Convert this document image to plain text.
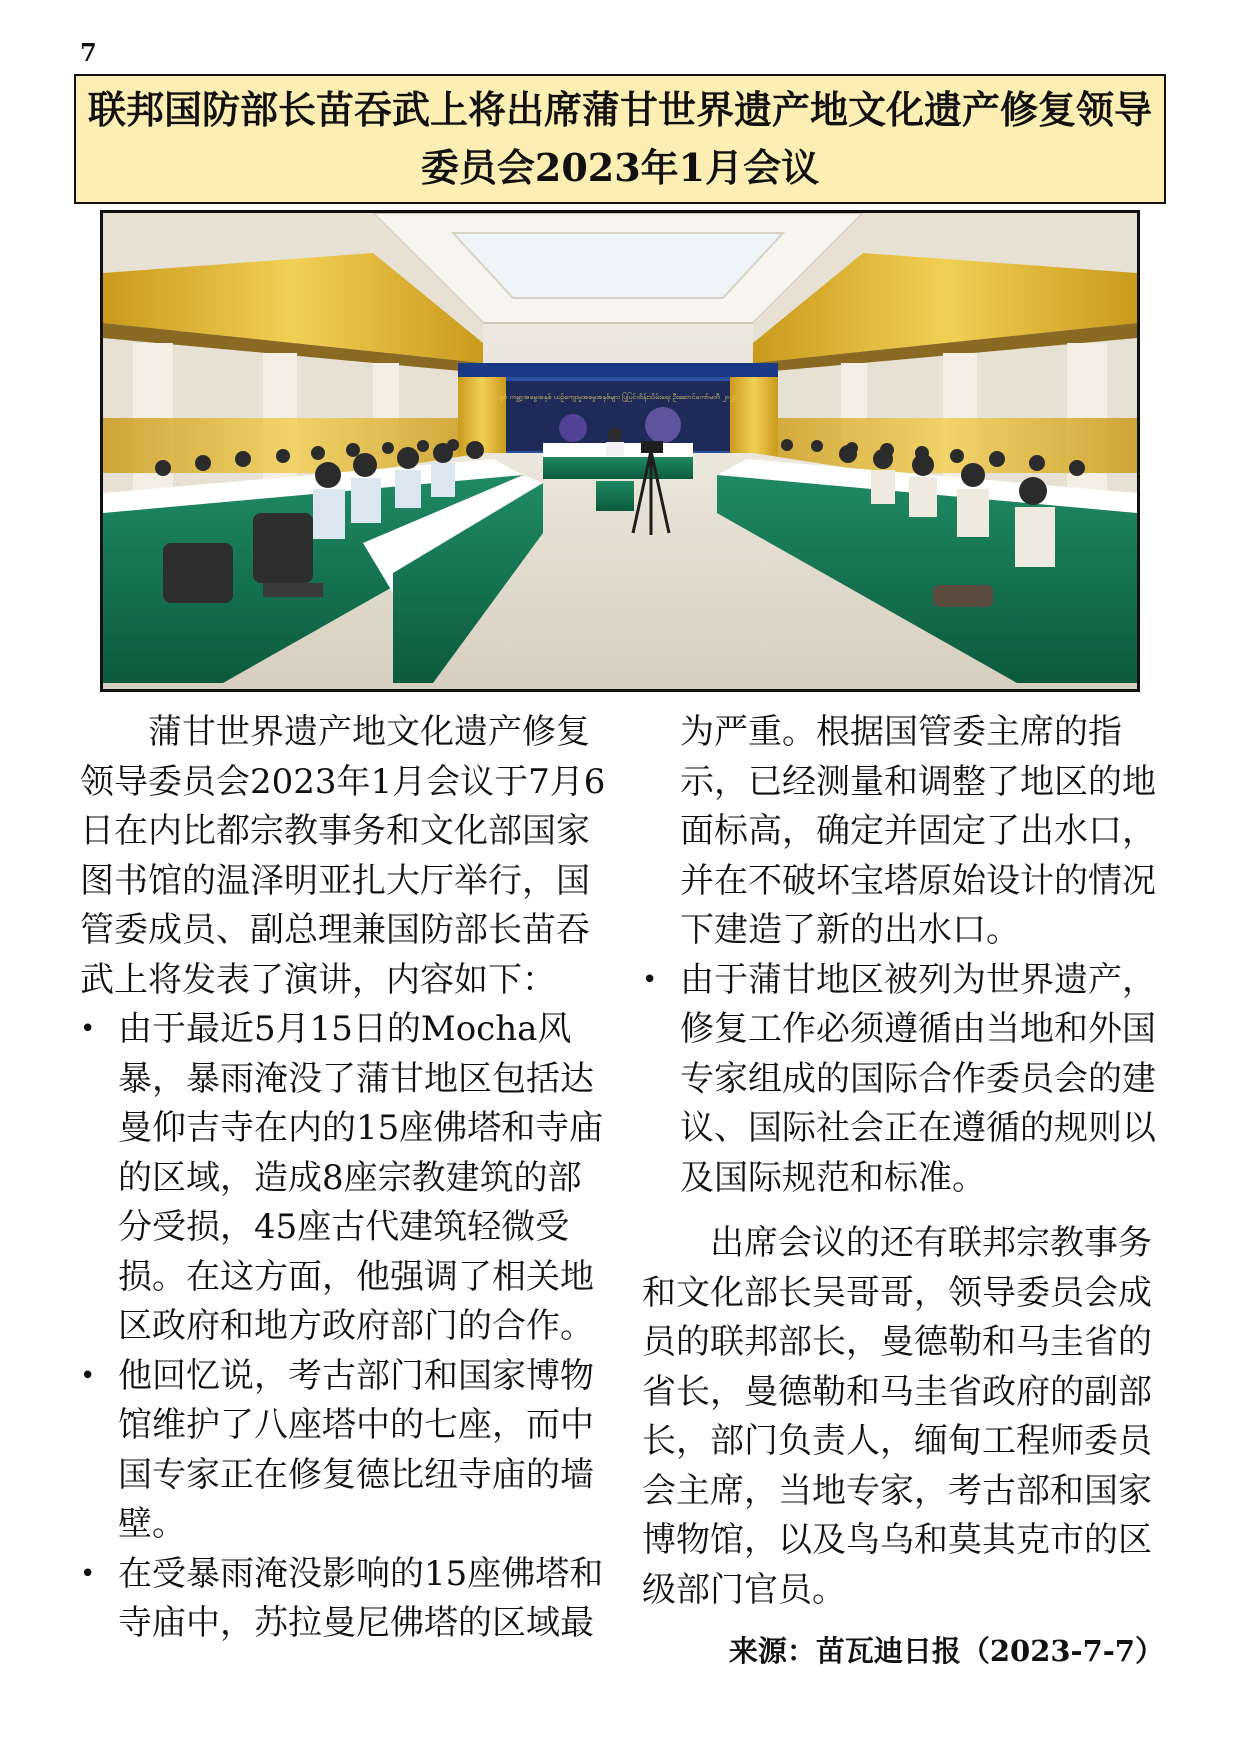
7
联邦国防部长苗吞武上将出席蒲甘世界遗产地文化遗产修复领导
委员会2023年1月会议
ပုဂံ ကမ္ဘာ့အမွေအနှစ် ယဉ်ကျေးမှုအမွေအနှစ်များ ပြုပြင်ထိန်းသိမ်းရေး ဦးဆောင်ကော်မတီ ၂၀၂၃

蒲甘世界遗产地文化遗产修复领导委员会2023年1月会议于7月6日在内比都宗教事务和文化部国家图书馆的温泽明亚扎大厅举行，国管委成员、副总理兼国防部长苗吞武上将发表了演讲，内容如下：

• 由于最近5月15日的Mocha风暴，暴雨淹没了蒲甘地区包括达曼仰吉寺在内的15座佛塔和寺庙的区域，造成8座宗教建筑的部分受损，45座古代建筑轻微受损。在这方面，他强调了相关地区政府和地方政府部门的合作。

• 他回忆说，考古部门和国家博物馆维护了八座塔中的七座，而中国专家正在修复德比纽寺庙的墙壁。

• 在受暴雨淹没影响的15座佛塔和寺庙中，苏拉曼尼佛塔的区域最

为严重。根据国管委主席的指示，已经测量和调整了地区的地面标高，确定并固定了出水口，并在不破坏宝塔原始设计的情况下建造了新的出水口。

• 由于蒲甘地区被列为世界遗产，修复工作必须遵循由当地和外国专家组成的国际合作委员会的建议、国际社会正在遵循的规则以及国际规范和标准。

出席会议的还有联邦宗教事务和文化部长吴哥哥，领导委员会成员的联邦部长，曼德勒和马圭省的省长，曼德勒和马圭省政府的副部长，部门负责人，缅甸工程师委员会主席，当地专家，考古部和国家博物馆，以及鸟乌和莫其克市的区级部门官员。

来源：苗瓦迪日报（2023-7-7）
